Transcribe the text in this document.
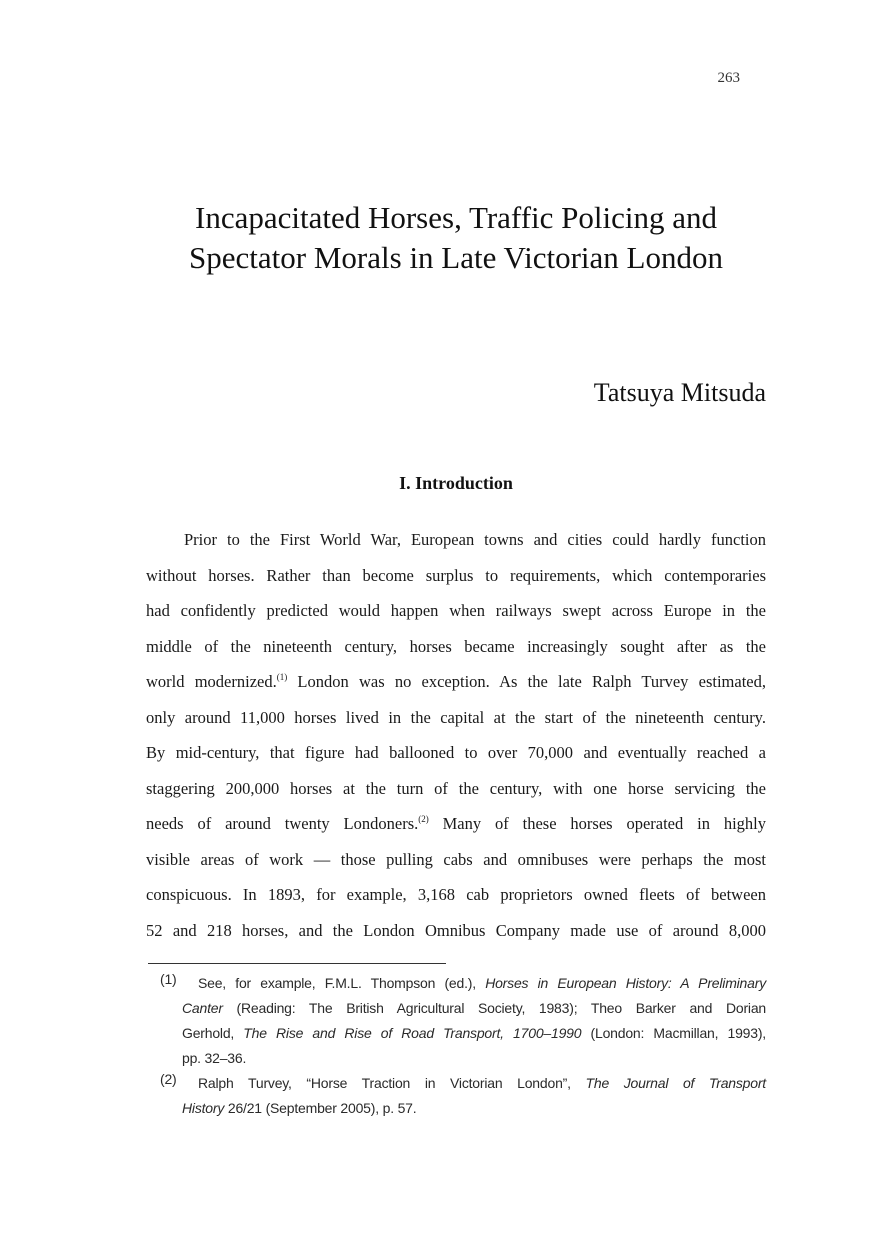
263
Incapacitated Horses, Traffic Policing and
Spectator Morals in Late Victorian London
Tatsuya Mitsuda
I. Introduction
Prior to the First World War, European towns and cities could hardly function
without horses. Rather than become surplus to requirements, which contemporaries
had confidently predicted would happen when railways swept across Europe in the
middle of the nineteenth century, horses became increasingly sought after as the
world modernized.$^{(1)}$ London was no exception. As the late Ralph Turvey estimated,
only around 11,000 horses lived in the capital at the start of the nineteenth century.
By mid-century, that figure had ballooned to over 70,000 and eventually reached a
staggering 200,000 horses at the turn of the century, with one horse servicing the
needs of around twenty Londoners.$^{(2)}$ Many of these horses operated in highly
visible areas of work — those pulling cabs and omnibuses were perhaps the most
conspicuous. In 1893, for example, 3,168 cab proprietors owned fleets of between
52 and 218 horses, and the London Omnibus Company made use of around 8,000
(1)	See, for example, F.M.L. Thompson (ed.), Horses in European History: A Preliminary
Canter (Reading: The British Agricultural Society, 1983); Theo Barker and Dorian
Gerhold, The Rise and Rise of Road Transport, 1700–1990 (London: Macmillan, 1993),
pp. 32–36.
(2)	Ralph Turvey, “Horse Traction in Victorian London”, The Journal of Transport
History 26/21 (September 2005), p. 57.
